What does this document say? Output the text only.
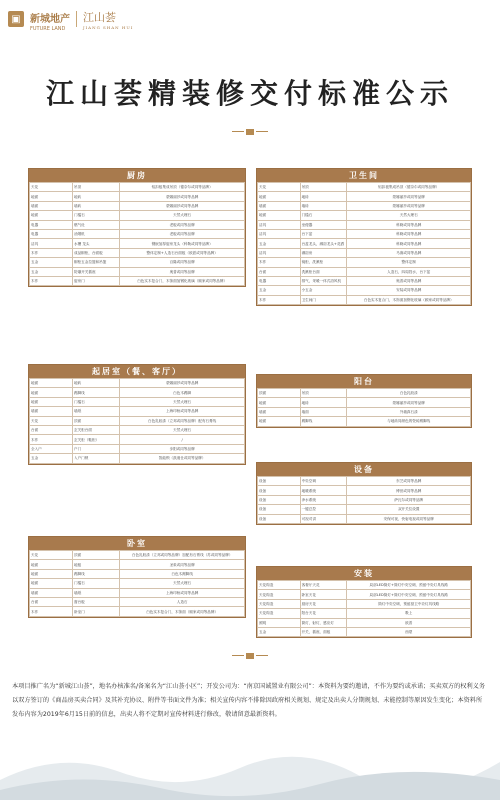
▣ 新城地产
FUTURE LAND
江山荟
JIANG SHAN HUI
江山荟精装修交付标准公示
厨房
天花	吊顶	铝扣板集成吊顶（德奈尔或同等品牌）
地面	地砖	蒙娜丽莎或同等品牌
墙面	墙砖	蒙娜丽莎或同等品牌
地面	门槛石	天然大理石
电器	燃气灶	老板或同等品牌
电器	油烟机	老板或同等品牌
洁具	水槽 龙头	钢嵌加厚厨房龙头（科勒或同等品牌）
木作	成品橱柜，台面板	整体定制+人造石台面板（欧派或同等品牌）
五金	橱柜五金拉篮和吊篮	百隆或同等品牌
五金	防爆开关插座	奥普或同等品牌
木作	厨房门	白色实木复合门，木饰面加钢化玻璃（顾家或同等品牌）
起居室（餐、客厅）
地面	地砖	蒙娜丽莎或同等品牌
地面	踢脚线	白色木踢脚
地面	门槛石	天然大理石
墙面	墙纸	上海印桓或同等品牌
天花	顶面	白色乳胶漆（立邦或同等品牌）配有石膏线
台面	玄关柜台面	天然大理石
木作	玄关柜（鞋柜）	/
全入户	户门	步阳或同等品牌
五金	入户门锁	智能锁（凯迪仕或同等品牌）
卧室
天花	顶面	白色乳胶漆（立邦或同等品牌）加配有石膏线（苏或同等品牌）
地面	地板	圣象或同等品牌
地面	踢脚线	白色木踢脚线
地面	门槛石	天然大理石
墙面	墙纸	上海印桓或同等品牌
台面	窗台板	人造石
木作	卧室门	白色实木复合门，木饰面（顾家或同等品牌）
卫生间
天花	吊顶	铝扣板集成吊顶（德奈尔或同等品牌）
地面	地砖	蒙娜丽莎或同等品牌
墙面	墙砖	蒙娜丽莎或同等品牌
地面	门槛石	天然大理石
洁具	坐便器	科勒或同等品牌
洁具	台下盆	科勒或同等品牌
五金	台盆龙头，淋浴龙头+花洒	科勒或同等品牌
洁具	淋浴房	马赛或同等品牌
木作	镜柜，洗漱柜	整体定制
台面	洗漱柜台面	人造石，四周挡水，台下盆
电器	排气，采暖一体式浴风机	奥普或同等品牌
五金	小五金	安装或同等品牌
木作	卫生间门	白色实木复合门，木饰面加钢化玻璃（顾家或同等品牌）
阳台
顶面	吊顶	白色乳胶漆
地面	地砖	蒙娜丽莎或同等品牌
墙面	墙面	外墙真石漆
地面	踢脚线	与地砖同颜色的瓷砖踢脚线
设备
设备	中央空调	东芝或同等品牌
设备	地暖系统	博世或同等品牌
设备	净水系统	萨瓦尔或同等品牌
设备	一键总控	双开关位设置
设备	可视对讲	安保可视，快射电视或同等品牌
安装
天花构造	客餐厅天花	局部LED筒灯+筒灯中央空调，预留中央灯具线路
天花构造	卧室天花	局部LED筒灯+筒灯中央空调，预留中央灯具线路
天花构造	厨房天花	筒灯中央空调，预留厨卫中央灯具线路
天花构造	阳台天花	吸上
照明	筒灯，射灯，感应灯	欧普
五金	开关，插座，面板	西蒙

本项目推广名为“新城江山荟”，地名办核准名/备案名为“江山荟小区”；开发公司为：“南京国诚置业有限公司”：本资料为要约邀请，不作为要约或承诺；买卖双方的权利义务以双方签订的《商品房买卖合同》及其补充协议、附件等书面文件为准；相关宣传内容不排除因政府相关规划、规定及出卖人分期规划、未能控制等原因发生变化；本资料所发布内容为2019年6月15日前的信息，出卖人将不定期对宣传材料进行修改，敬请留意最新资料。
